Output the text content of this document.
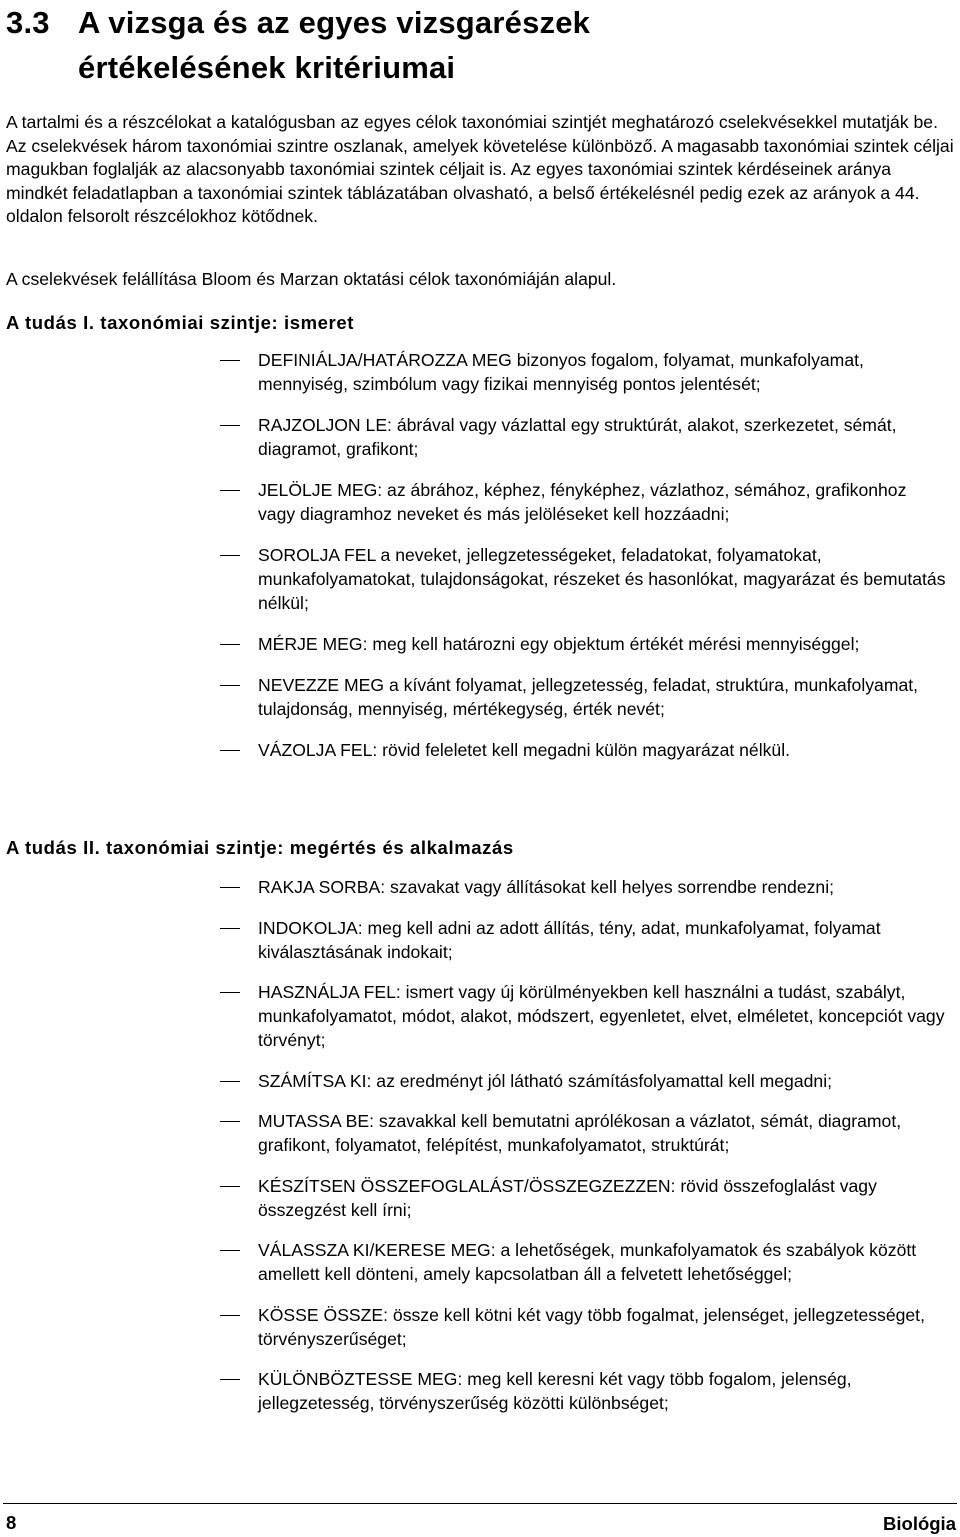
3.3 A vizsga és az egyes vizsgarészek
értékelésének kritériumai
A tartalmi és a részcélokat a katalógusban az egyes célok taxonómiai szintjét meghatározó cselekvésekkel mutatják be. Az cselekvések három taxonómiai szintre oszlanak, amelyek követelése különböző. A magasabb taxonómiai szintek céljai magukban foglalják az alacsonyabb taxonómiai szintek céljait is. Az egyes taxonómiai szintek kérdéseinek aránya mindkét feladatlapban a taxonómiai szintek táblázatában olvasható, a belső értékelésnél pedig ezek az arányok a 44. oldalon felsorolt részcélokhoz kötődnek.
A cselekvések felállítása Bloom és Marzan oktatási célok taxonómiáján alapul.
A tudás I. taxonómiai szintje: ismeret
DEFINIÁLJA/HATÁROZZA MEG bizonyos fogalom, folyamat, munkafolyamat, mennyiség, szimbólum vagy fizikai mennyiség pontos jelentését;
RAJZOLJON LE: ábrával vagy vázlattal egy struktúrát, alakot, szerkezetet, sémát, diagramot, grafikont;
JELÖLJE MEG: az ábrához, képhez, fényképhez, vázlathoz, sémához, grafikonhoz vagy diagramhoz neveket és más jelöléseket kell hozzáadni;
SOROLJA FEL a neveket, jellegzetességeket, feladatokat, folyamatokat, munkafolyamatokat, tulajdonságokat, részeket és hasonlókat, magyarázat és bemutatás nélkül;
MÉRJE MEG: meg kell határozni egy objektum értékét mérési mennyiséggel;
NEVEZZE MEG a kívánt folyamat, jellegzetesség, feladat, struktúra, munkafolyamat, tulajdonság, mennyiség, mértékegység, érték nevét;
VÁZOLJA FEL: rövid feleletet kell megadni külön magyarázat nélkül.
A tudás II. taxonómiai szintje: megértés és alkalmazás
RAKJA SORBA: szavakat vagy állításokat kell helyes sorrendbe rendezni;
INDOKOLJA: meg kell adni az adott állítás, tény, adat, munkafolyamat, folyamat kiválasztásának indokait;
HASZNÁLJA FEL: ismert vagy új körülményekben kell használni a tudást, szabályt, munkafolyamatot, módot, alakot, módszert, egyenletet, elvet, elméletet, koncepciót vagy törvényt;
SZÁMÍTSA KI: az eredményt jól látható számításfolyamattal kell megadni;
MUTASSA BE: szavakkal kell bemutatni aprólékosan a vázlatot, sémát, diagramot, grafikont, folyamatot, felépítést, munkafolyamatot, struktúrát;
KÉSZÍTSEN ÖSSZEFOGLALÁST/ÖSSZEGZEZZEN: rövid összefoglalást vagy összegzést kell írni;
VÁLASSZA KI/KERESE MEG: a lehetőségek, munkafolyamatok és szabályok között amellett kell dönteni, amely kapcsolatban áll a felvetett lehetőséggel;
KÖSSE ÖSSZE: össze kell kötni két vagy több fogalmat, jelenséget, jellegzetességet, törvényszerűséget;
KÜLÖNBÖZTESSE MEG: meg kell keresni két vagy több fogalom, jelenség, jellegzetesség, törvényszerűség közötti különbséget;
8	Biológia
